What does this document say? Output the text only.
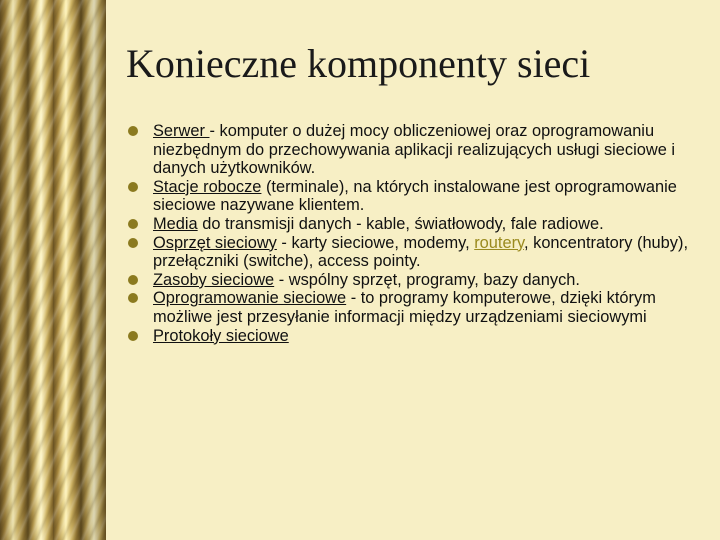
Konieczne komponenty sieci
Serwer - komputer o dużej mocy obliczeniowej oraz oprogramowaniu niezbędnym do przechowywania aplikacji realizujących usługi sieciowe i danych użytkowników.
Stacje robocze (terminale), na których instalowane jest oprogramowanie sieciowe nazywane klientem.
Media do transmisji danych - kable, światłowody, fale radiowe.
Osprzęt sieciowy - karty sieciowe, modemy, routery, koncentratory (huby), przełączniki (switche), access pointy.
Zasoby sieciowe - wspólny sprzęt, programy, bazy danych.
Oprogramowanie sieciowe - to programy komputerowe, dzięki którym możliwe jest przesyłanie informacji między urządzeniami sieciowymi
Protokoły sieciowe
